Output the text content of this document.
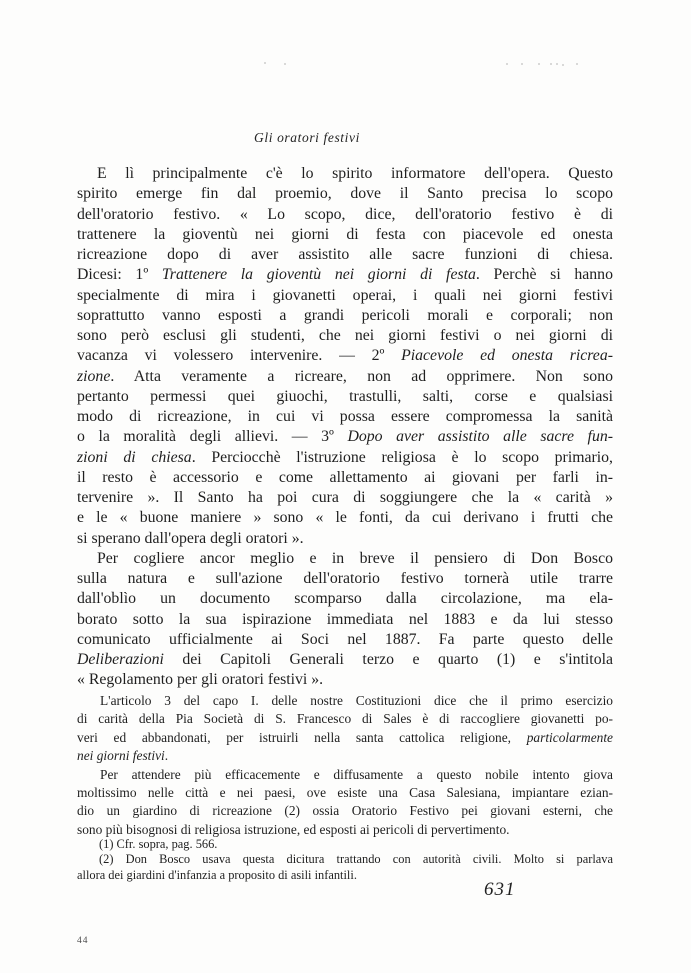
Gli oratori festivi
E lì principalmente c'è lo spirito informatore dell'opera. Questo
spirito emerge fin dal proemio, dove il Santo precisa lo scopo
dell'oratorio festivo. « Lo scopo, dice, dell'oratorio festivo è di
trattenere la gioventù nei giorni di festa con piacevole ed onesta
ricreazione dopo di aver assistito alle sacre funzioni di chiesa.
Dicesi: 1º Trattenere la gioventù nei giorni di festa. Perchè si hanno
specialmente di mira i giovanetti operai, i quali nei giorni festivi
soprattutto vanno esposti a grandi pericoli morali e corporali; non
sono però esclusi gli studenti, che nei giorni festivi o nei giorni di
vacanza vi volessero intervenire. — 2º Piacevole ed onesta ricrea-
zione. Atta veramente a ricreare, non ad opprimere. Non sono
pertanto permessi quei giuochi, trastulli, salti, corse e qualsiasi
modo di ricreazione, in cui vi possa essere compromessa la sanità
o la moralità degli allievi. — 3º Dopo aver assistito alle sacre fun-
zioni di chiesa. Perciocchè l'istruzione religiosa è lo scopo primario,
il resto è accessorio e come allettamento ai giovani per farli in-
tervenire ». Il Santo ha poi cura di soggiungere che la « carità »
e le « buone maniere » sono « le fonti, da cui derivano i frutti che
si sperano dall'opera degli oratori ».
Per cogliere ancor meglio e in breve il pensiero di Don Bosco
sulla natura e sull'azione dell'oratorio festivo tornerà utile trarre
dall'oblìo un documento scomparso dalla circolazione, ma ela-
borato sotto la sua ispirazione immediata nel 1883 e da lui stesso
comunicato ufficialmente ai Soci nel 1887. Fa parte questo delle
Deliberazioni dei Capitoli Generali terzo e quarto (1) e s'intitola
« Regolamento per gli oratori festivi ».
L'articolo 3 del capo I. delle nostre Costituzioni dice che il primo esercizio
di carità della Pia Società di S. Francesco di Sales è di raccogliere giovanetti po-
veri ed abbandonati, per istruirli nella santa cattolica religione, particolarmente
nei giorni festivi.
Per attendere più efficacemente e diffusamente a questo nobile intento giova
moltissimo nelle città e nei paesi, ove esiste una Casa Salesiana, impiantare ezian-
dio un giardino di ricreazione (2) ossia Oratorio Festivo pei giovani esterni, che
sono più bisognosi di religiosa istruzione, ed esposti ai pericoli di pervertimento.
(1) Cfr. sopra, pag. 566.
(2) Don Bosco usava questa dicitura trattando con autorità civili. Molto si parlava
allora dei giardini d'infanzia a proposito di asili infantili.
631
44
